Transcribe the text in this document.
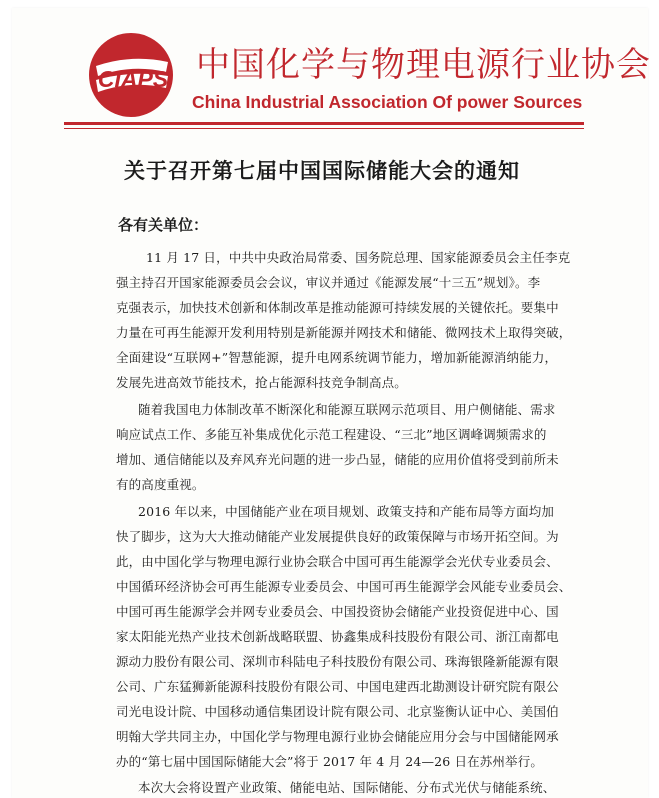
CIAPS 中国化学与物理电源行业协会
China Industrial Association Of power Sources
关于召开第七届中国国际储能大会的通知
各有关单位：
11 月 17 日，中共中央政治局常委、国务院总理、国家能源委员会主任李克
强主持召开国家能源委员会会议，审议并通过《能源发展“十三五”规划》。李
克强表示，加快技术创新和体制改革是推动能源可持续发展的关键依托。要集中
力量在可再生能源开发利用特别是新能源并网技术和储能、微网技术上取得突破，
全面建设“互联网+”智慧能源，提升电网系统调节能力，增加新能源消纳能力，
发展先进高效节能技术，抢占能源科技竞争制高点。
随着我国电力体制改革不断深化和能源互联网示范项目、用户侧储能、需求
响应试点工作、多能互补集成优化示范工程建设、“三北”地区调峰调频需求的
增加、通信储能以及弃风弃光问题的进一步凸显，储能的应用价值将受到前所未
有的高度重视。
2016 年以来，中国储能产业在项目规划、政策支持和产能布局等方面均加
快了脚步，这为大大推动储能产业发展提供良好的政策保障与市场开拓空间。为
此，由中国化学与物理电源行业协会联合中国可再生能源学会光伏专业委员会、
中国循环经济协会可再生能源专业委员会、中国可再生能源学会风能专业委员会、
中国可再生能源学会并网专业委员会、中国投资协会储能产业投资促进中心、国
家太阳能光热产业技术创新战略联盟、协鑫集成科技股份有限公司、浙江南都电
源动力股份有限公司、深圳市科陆电子科技股份有限公司、珠海银隆新能源有限
公司、广东猛狮新能源科技股份有限公司、中国电建西北勘测设计研究院有限公
司光电设计院、中国移动通信集团设计院有限公司、北京鉴衡认证中心、美国伯
明翰大学共同主办，中国化学与物理电源行业协会储能应用分会与中国储能网承
办的“第七届中国国际储能大会”将于 2017 年 4 月 24—26 日在苏州举行。
本次大会将设置产业政策、储能电站、国际储能、分布式光伏与储能系统、
